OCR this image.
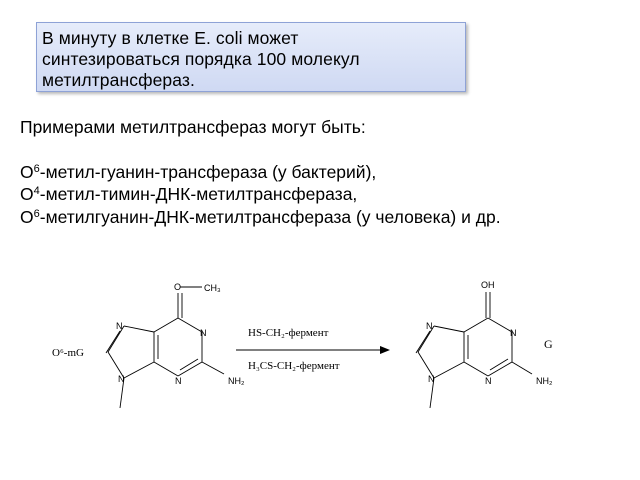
В минуту в клетке E. coli может
синтезироваться порядка 100 молекул
метилтрансфераз.

Примерами метилтрансфераз могут быть:

$O^6-метил-гуанин$-трансфераза (у бактерий),

$O^4-метил-тимин-ДНК$-метилтрансфераза,

$O^6-метилгуанин-ДНК$-метилтрансфераза (у человека) и др.

O	CH₃
N
N
N
N	NH₂
O⁶-mG
HS-CH₂-фермент
H₃CS-CH₂-фермент
OH
N
N
N
N	NH₂
G
